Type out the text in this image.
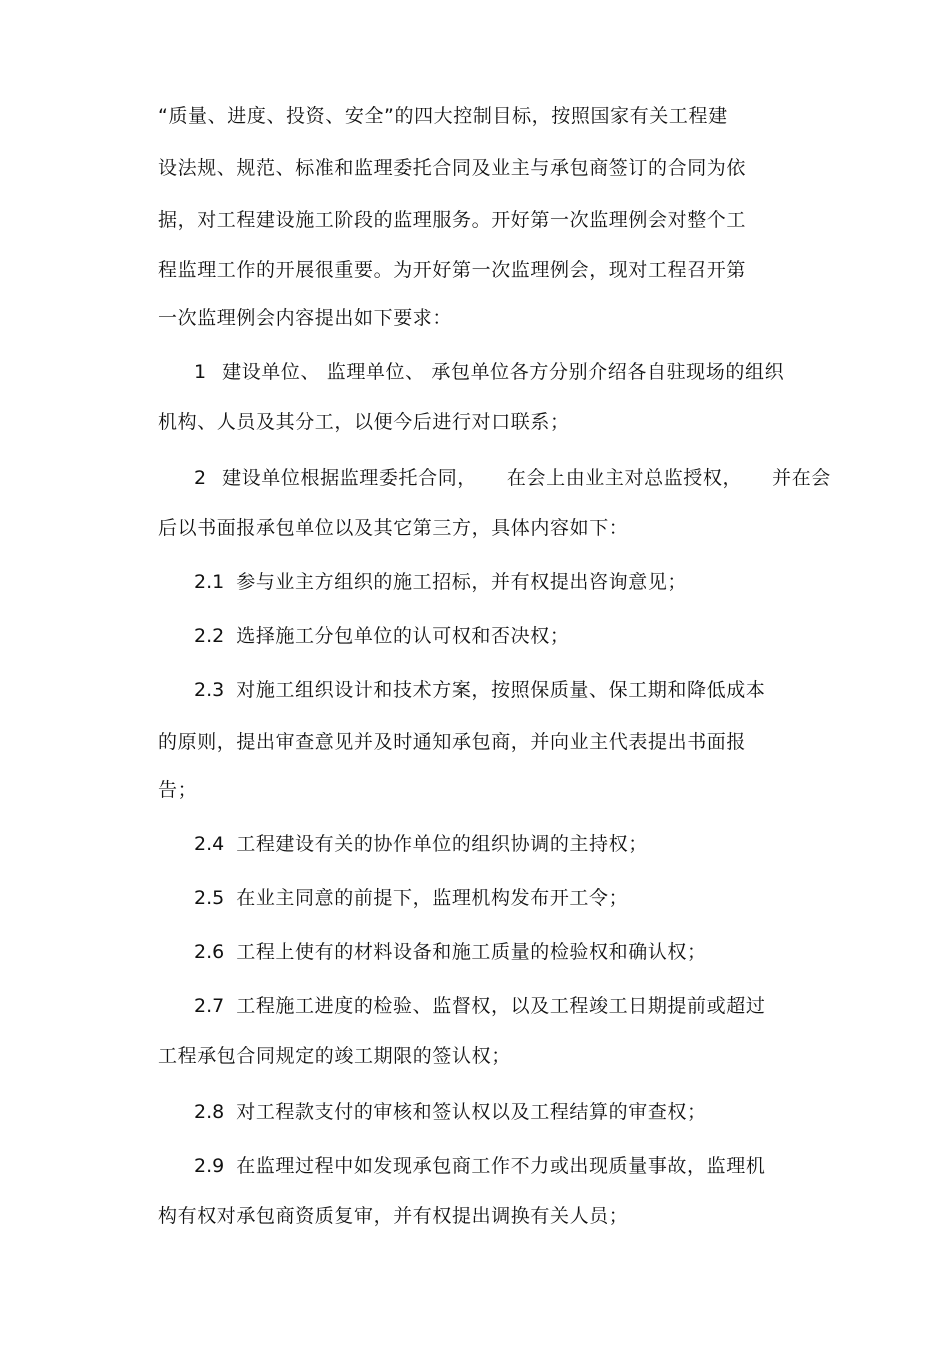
“质量、进度、投资、安全”的四大控制目标，按照国家有关工程建

设法规、规范、标准和监理委托合同及业主与承包商签订的合同为依

据，对工程建设施工阶段的监理服务。开好第一次监理例会对整个工

程监理工作的开展很重要。为开好第一次监理例会，现对工程召开第

一次监理例会内容提出如下要求：

1 建设单位、 监理单位、 承包单位各方分别介绍各自驻现场的组织

机构、人员及其分工，以便今后进行对口联系；

2 建设单位根据监理委托合同， 在会上由业主对总监授权， 并在会

后以书面报承包单位以及其它第三方，具体内容如下：

2.1 参与业主方组织的施工招标，并有权提出咨询意见；

2.2 选择施工分包单位的认可权和否决权；

2.3 对施工组织设计和技术方案，按照保质量、保工期和降低成本

的原则，提出审查意见并及时通知承包商，并向业主代表提出书面报

告；

2.4 工程建设有关的协作单位的组织协调的主持权；

2.5 在业主同意的前提下，监理机构发布开工令；

2.6 工程上使有的材料设备和施工质量的检验权和确认权；

2.7 工程施工进度的检验、监督权，以及工程竣工日期提前或超过

工程承包合同规定的竣工期限的签认权；

2.8 对工程款支付的审核和签认权以及工程结算的审查权；

2.9 在监理过程中如发现承包商工作不力或出现质量事故，监理机

构有权对承包商资质复审，并有权提出调换有关人员；
